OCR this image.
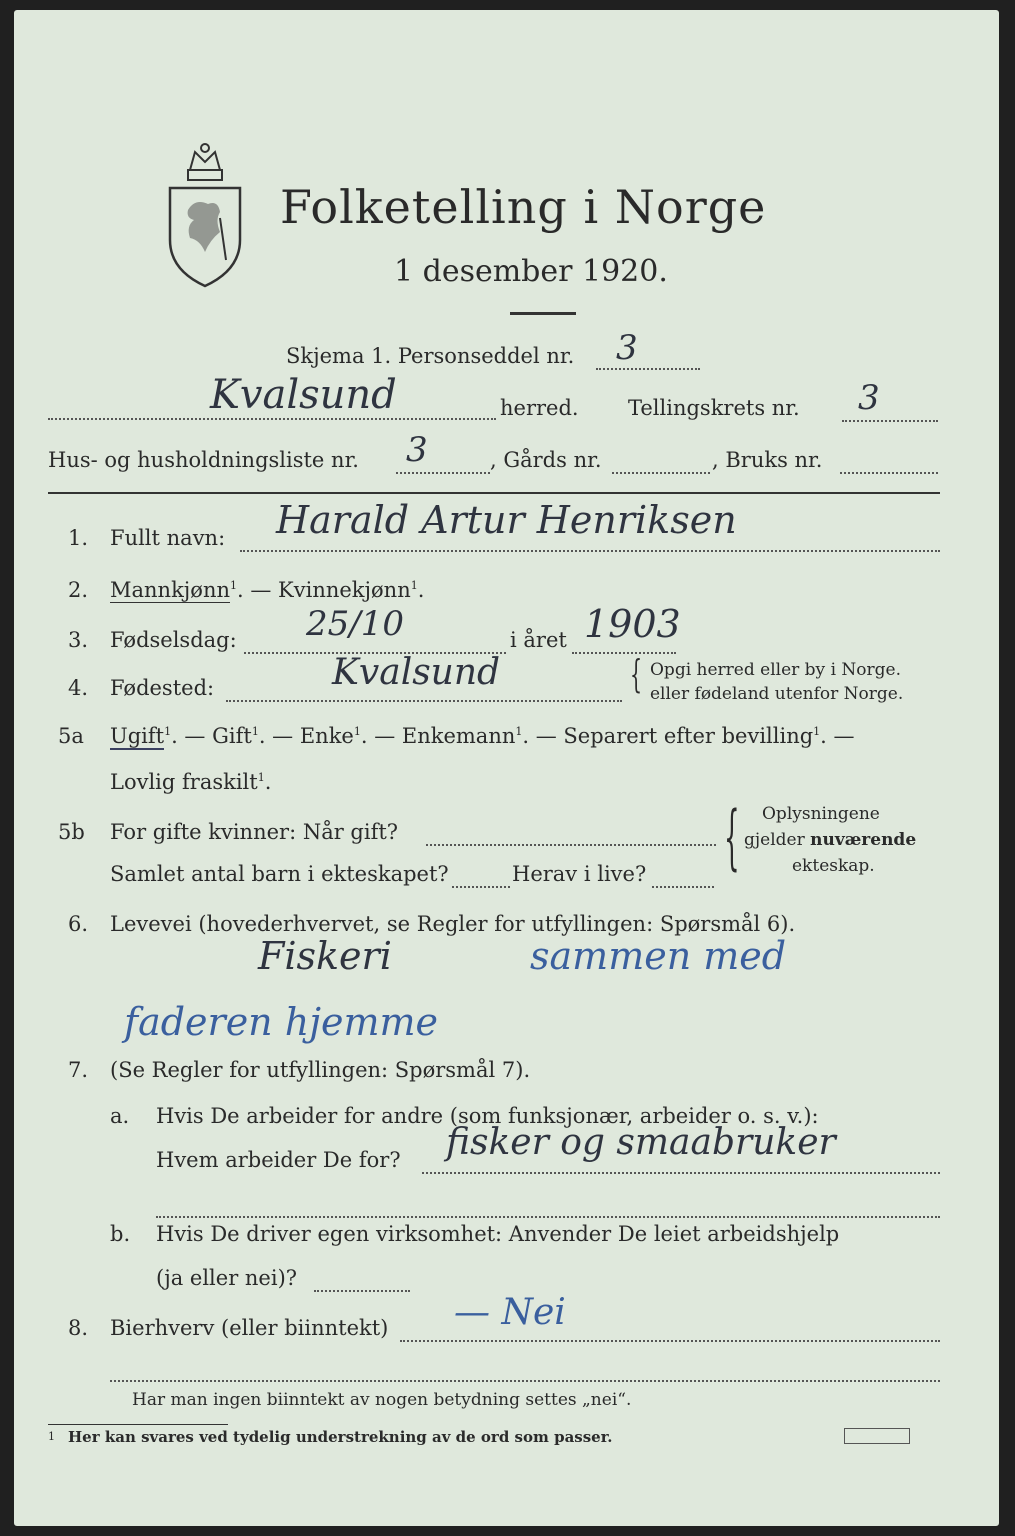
Folketelling i Norge
1 desember 1920.
Skjema 1. Personseddel nr. 3
Kvalsund	herred. Tellingskrets nr. 3
Hus- og husholdningsliste nr. 3	, Gårds nr.	, Bruks nr.
1. Fullt navn: Harald Artur Henriksen
2. Mannkjønn$^1$. — Kvinnekjønn$^1$.
3. Fødselsdag: 25/10	i året 1903
4. Fødested:	Kvalsund	{ Opgi herred eller by i Norge.
eller fødeland utenfor Norge.
5a Ugift$^1$. — Gift$^1$. — Enke$^1$. — Enkemann$^1$. — Separert efter bevilling$^1$. —
Lovlig fraskilt$^1$.
5b For gifte kvinner: Når gift?
Samlet antal barn i ekteskapet?	Herav i live? { Oplysningene
gjelder nuværende
ekteskap.
6. Levevei (hovederhvervet, se Regler for utfyllingen: Spørsmål 6).
Fiskeri	sammen med
faderen hjemme
7. (Se Regler for utfyllingen: Spørsmål 7).
a. Hvis De arbeider for andre (som funksjonær, arbeider o. s. v.):
Hvem arbeider De for? fisker og smaabruker
b. Hvis De driver egen virksomhet: Anvender De leiet arbeidshjelp
(ja eller nei)?
8. Bierhverv (eller biinntekt) — Nei
Har man ingen biinntekt av nogen betydning settes „nei“.
1 Her kan svares ved tydelig understrekning av de ord som passer.
